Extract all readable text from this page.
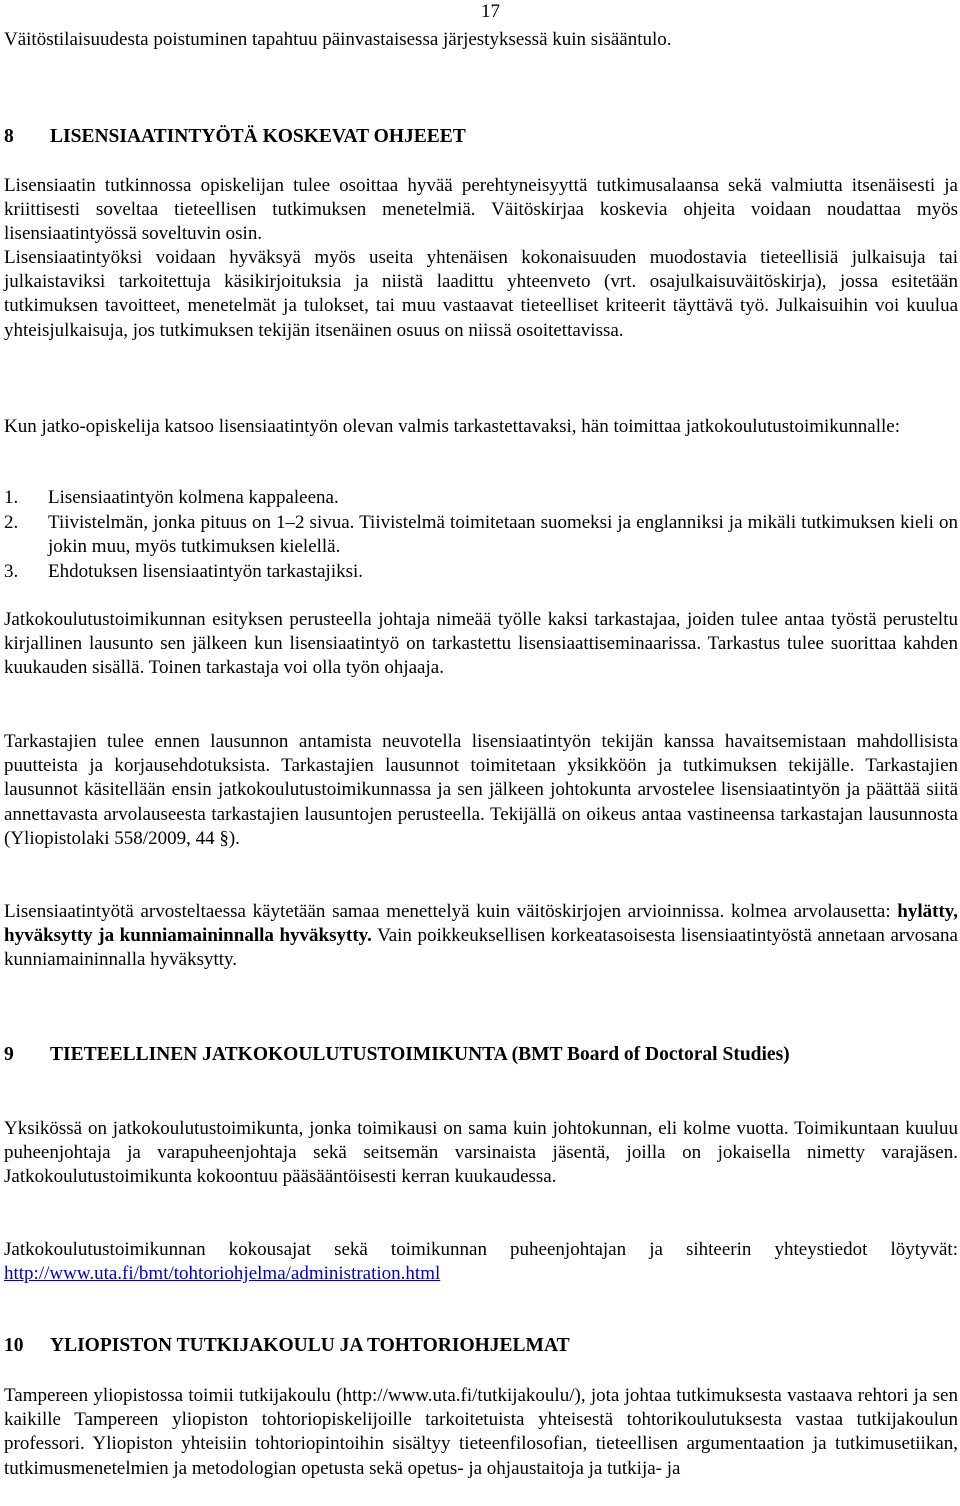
17

Väitöstilaisuudesta poistuminen tapahtuu päinvastaisessa järjestyksessä kuin sisääntulo.

8 LISENSIAATINTYÖTÄ KOSKEVAT OHJEEET

Lisensiaatin tutkinnossa opiskelijan tulee osoittaa hyvää perehtyneisyyttä tutkimusalaansa sekä valmiutta itsenäisesti ja kriittisesti soveltaa tieteellisen tutkimuksen menetelmiä. Väitöskirjaa koskevia ohjeita voidaan noudattaa myös lisensiaatintyössä soveltuvin osin.

Lisensiaatintyöksi voidaan hyväksyä myös useita yhtenäisen kokonaisuuden muodostavia tieteellisiä julkaisuja tai julkaistaviksi tarkoitettuja käsikirjoituksia ja niistä laadittu yhteenveto (vrt. osajulkaisuväitöskirja), jossa esitetään tutkimuksen tavoitteet, menetelmät ja tulokset, tai muu vastaavat tieteelliset kriteerit täyttävä työ. Julkaisuihin voi kuulua yhteisjulkaisuja, jos tutkimuksen tekijän itsenäinen osuus on niissä osoitettavissa.

Kun jatko-opiskelija katsoo lisensiaatintyön olevan valmis tarkastettavaksi, hän toimittaa jatkokoulutustoimikunnalle:

1.	Lisensiaatintyön kolmena kappaleena.
2.	Tiivistelmän, jonka pituus on 1–2 sivua. Tiivistelmä toimitetaan suomeksi ja englanniksi ja mikäli tutkimuksen kieli on jokin muu, myös tutkimuksen kielellä.
3.	Ehdotuksen lisensiaatintyön tarkastajiksi.

Jatkokoulutustoimikunnan esityksen perusteella johtaja nimeää työlle kaksi tarkastajaa, joiden tulee antaa työstä perusteltu kirjallinen lausunto sen jälkeen kun lisensiaatintyö on tarkastettu lisensiaattiseminaarissa. Tarkastus tulee suorittaa kahden kuukauden sisällä. Toinen tarkastaja voi olla työn ohjaaja.

Tarkastajien tulee ennen lausunnon antamista neuvotella lisensiaatintyön tekijän kanssa havaitsemistaan mahdollisista puutteista ja korjausehdotuksista. Tarkastajien lausunnot toimitetaan yksikköön ja tutkimuksen tekijälle. Tarkastajien lausunnot käsitellään ensin jatkokoulutustoimikunnassa ja sen jälkeen johtokunta arvostelee lisensiaatintyön ja päättää siitä annettavasta arvolauseesta tarkastajien lausuntojen perusteella. Tekijällä on oikeus antaa vastineensa tarkastajan lausunnosta (Yliopistolaki 558/2009, 44 §).

Lisensiaatintyötä arvosteltaessa käytetään samaa menettelyä kuin väitöskirjojen arvioinnissa. kolmea arvolausetta: hylätty, hyväksytty ja kunniamaininnalla hyväksytty. Vain poikkeuksellisen korkeatasoisesta lisensiaatintyöstä annetaan arvosana kunniamaininnalla hyväksytty.

9 TIETEELLINEN JATKOKOULUTUSTOIMIKUNTA (BMT Board of Doctoral Studies)

Yksikössä on jatkokoulutustoimikunta, jonka toimikausi on sama kuin johtokunnan, eli kolme vuotta. Toimikuntaan kuuluu puheenjohtaja ja varapuheenjohtaja sekä seitsemän varsinaista jäsentä, joilla on jokaisella nimetty varajäsen. Jatkokoulutustoimikunta kokoontuu pääsääntöisesti kerran kuukaudessa.

Jatkokoulutustoimikunnan kokousajat sekä toimikunnan puheenjohtajan ja sihteerin yhteystiedot löytyvät: http://www.uta.fi/bmt/tohtoriohjelma/administration.html

10 YLIOPISTON TUTKIJAKOULU JA TOHTORIOHJELMAT

Tampereen yliopistossa toimii tutkijakoulu (http://www.uta.fi/tutkijakoulu/), jota johtaa tutkimuksesta vastaava rehtori ja sen kaikille Tampereen yliopiston tohtoriopiskelijoille tarkoitetuista yhteisestä tohtorikoulutuksesta vastaa tutkijakoulun professori. Yliopiston yhteisiin tohtoriopintoihin sisältyy tieteenfilosofian, tieteellisen argumentaation ja tutkimusetiikan, tutkimusmenetelmien ja metodologian opetusta sekä opetus- ja ohjaustaitoja ja tutkija- ja
